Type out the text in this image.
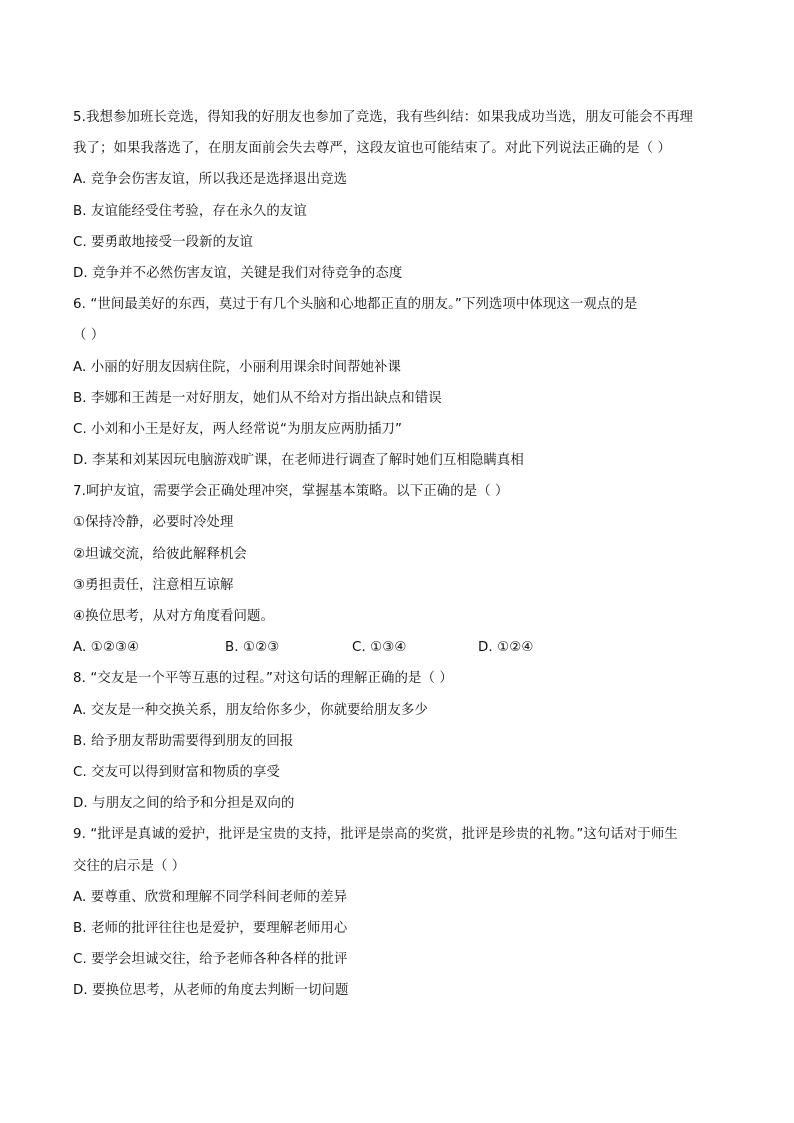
5.我想参加班长竞选，得知我的好朋友也参加了竞选，我有些纠结：如果我成功当选，朋友可能会不再理
我了；如果我落选了，在朋友面前会失去尊严，这段友谊也可能结束了。对此下列说法正确的是（ ）
A. 竞争会伤害友谊，所以我还是选择退出竞选
B. 友谊能经受住考验，存在永久的友谊
C. 要勇敢地接受一段新的友谊
D. 竞争并不必然伤害友谊，关键是我们对待竞争的态度
6. “世间最美好的东西，莫过于有几个头脑和心地都正直的朋友。”下列选项中体现这一观点的是
（ ）
A. 小丽的好朋友因病住院，小丽利用课余时间帮她补课
B. 李娜和王茜是一对好朋友，她们从不给对方指出缺点和错误
C. 小刘和小王是好友，两人经常说“为朋友应两肋插刀”
D. 李某和刘某因玩电脑游戏旷课，在老师进行调查了解时她们互相隐瞒真相
7.呵护友谊，需要学会正确处理冲突，掌握基本策略。以下正确的是（ ）
①保持冷静，必要时冷处理
②坦诚交流，给彼此解释机会
③勇担责任，注意相互谅解
④换位思考，从对方角度看问题。
A. ①②③④	B. ①②③	C. ①③④	D. ①②④
8. “交友是一个平等互惠的过程。”对这句话的理解正确的是（ ）
A. 交友是一种交换关系，朋友给你多少，你就要给朋友多少
B. 给予朋友帮助需要得到朋友的回报
C. 交友可以得到财富和物质的享受
D. 与朋友之间的给予和分担是双向的
9. “批评是真诚的爱护，批评是宝贵的支持，批评是崇高的奖赏，批评是珍贵的礼物。”这句话对于师生
交往的启示是（ ）
A. 要尊重、欣赏和理解不同学科间老师的差异
B. 老师的批评往往也是爱护，要理解老师用心
C. 要学会坦诚交往，给予老师各种各样的批评
D. 要换位思考，从老师的角度去判断一切问题
